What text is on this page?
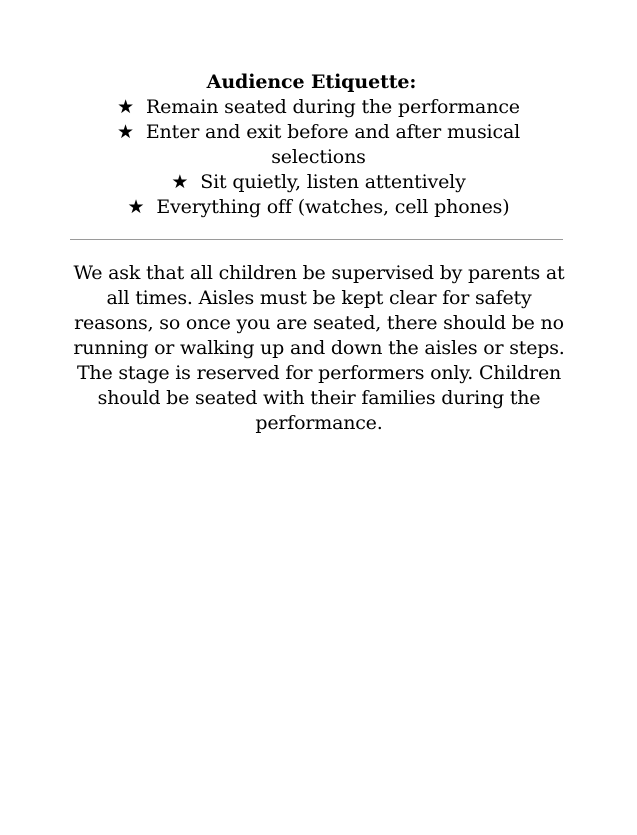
Audience Etiquette:
★ Remain seated during the performance
★ Enter and exit before and after musical selections
★ Sit quietly, listen attentively
★ Everything off (watches, cell phones)

We ask that all children be supervised by parents at all times. Aisles must be kept clear for safety reasons, so once you are seated, there should be no running or walking up and down the aisles or steps. The stage is reserved for performers only. Children should be seated with their families during the performance.
